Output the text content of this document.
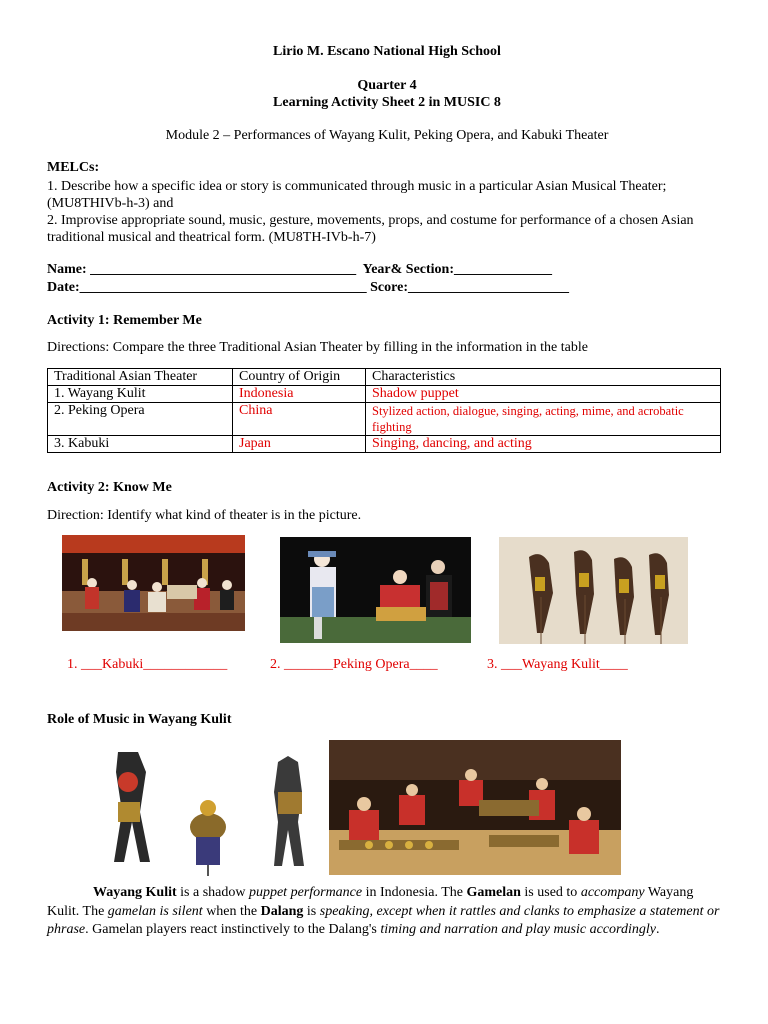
Lirio M. Escano National High School
Quarter 4
Learning Activity Sheet 2 in MUSIC 8
Module 2 – Performances of Wayang Kulit, Peking Opera, and Kabuki Theater
MELCs:
1. Describe how a specific idea or story is communicated through music in a particular Asian Musical Theater; (MU8THIVb-h-3) and
2. Improvise appropriate sound, music, gesture, movements, props, and costume for performance of a chosen Asian traditional musical and theatrical form. (MU8TH-IVb-h-7)
Name: ______________________________________  Year& Section:______________
Date:_________________________________________ Score:_______________________
Activity 1: Remember Me
Directions: Compare the three Traditional Asian Theater by filling in the information in the table
Traditional Asian Theater	Country of Origin	Characteristics
1. Wayang Kulit	Indonesia	Shadow puppet
2. Peking Opera	China	Stylized action, dialogue, singing, acting, mime, and acrobatic fighting
3. Kabuki	Japan	Singing, dancing, and acting
Activity 2: Know Me
Direction: Identify what kind of theater is in the picture.
1. ___Kabuki____________	2. _______Peking Opera____	3. ___Wayang Kulit____
Role of Music in Wayang Kulit

Wayang Kulit is a shadow puppet performance in Indonesia. The Gamelan is used to accompany Wayang Kulit. The gamelan is silent when the Dalang is speaking, except when it rattles and clanks to emphasize a statement or phrase. Gamelan players react instinctively to the Dalang's timing and narration and play music accordingly.
